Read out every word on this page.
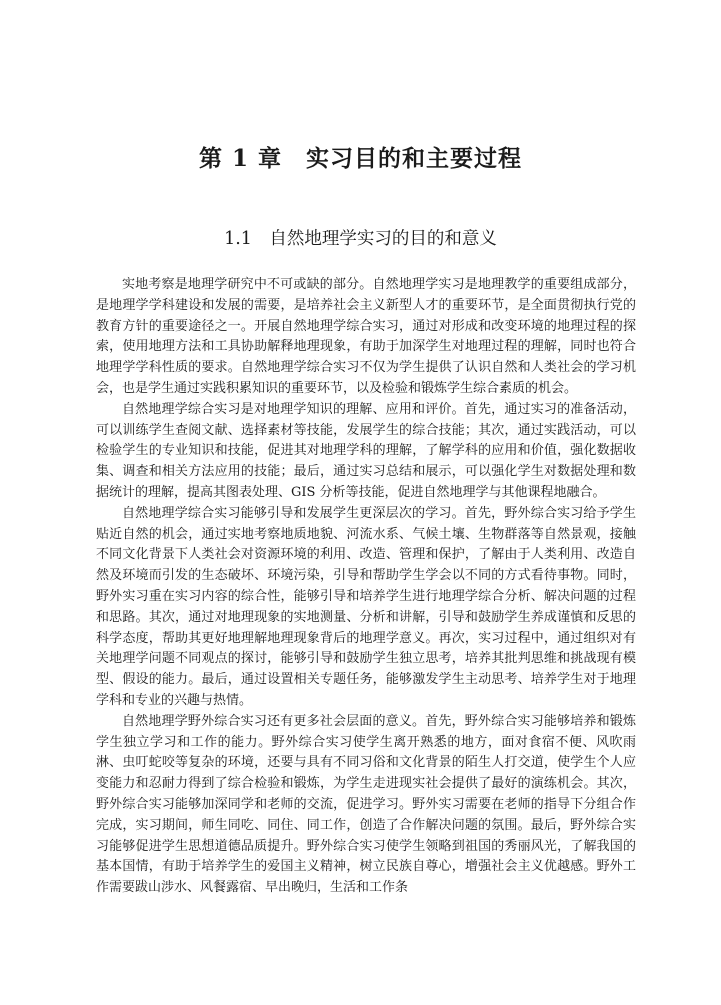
第 1 章　实习目的和主要过程
1.1　自然地理学实习的目的和意义

实地考察是地理学研究中不可或缺的部分。自然地理学实习是地理教学的重要组成部分，是地理学学科建设和发展的需要，是培养社会主义新型人才的重要环节，是全面贯彻执行党的教育方针的重要途径之一。开展自然地理学综合实习，通过对形成和改变环境的地理过程的探索，使用地理方法和工具协助解释地理现象，有助于加深学生对地理过程的理解，同时也符合地理学学科性质的要求。自然地理学综合实习不仅为学生提供了认识自然和人类社会的学习机会，也是学生通过实践积累知识的重要环节，以及检验和锻炼学生综合素质的机会。

自然地理学综合实习是对地理学知识的理解、应用和评价。首先，通过实习的准备活动，可以训练学生查阅文献、选择素材等技能，发展学生的综合技能；其次，通过实践活动，可以检验学生的专业知识和技能，促进其对地理学科的理解，了解学科的应用和价值，强化数据收集、调查和相关方法应用的技能；最后，通过实习总结和展示，可以强化学生对数据处理和数据统计的理解，提高其图表处理、GIS 分析等技能，促进自然地理学与其他课程地融合。

自然地理学综合实习能够引导和发展学生更深层次的学习。首先，野外综合实习给予学生贴近自然的机会，通过实地考察地质地貌、河流水系、气候土壤、生物群落等自然景观，接触不同文化背景下人类社会对资源环境的利用、改造、管理和保护，了解由于人类利用、改造自然及环境而引发的生态破坏、环境污染，引导和帮助学生学会以不同的方式看待事物。同时，野外实习重在实习内容的综合性，能够引导和培养学生进行地理学综合分析、解决问题的过程和思路。其次，通过对地理现象的实地测量、分析和讲解，引导和鼓励学生养成谨慎和反思的科学态度，帮助其更好地理解地理现象背后的地理学意义。再次，实习过程中，通过组织对有关地理学问题不同观点的探讨，能够引导和鼓励学生独立思考，培养其批判思维和挑战现有模型、假设的能力。最后，通过设置相关专题任务，能够激发学生主动思考、培养学生对于地理学科和专业的兴趣与热情。

自然地理学野外综合实习还有更多社会层面的意义。首先，野外综合实习能够培养和锻炼学生独立学习和工作的能力。野外综合实习使学生离开熟悉的地方，面对食宿不便、风吹雨淋、虫叮蛇咬等复杂的环境，还要与具有不同习俗和文化背景的陌生人打交道，使学生个人应变能力和忍耐力得到了综合检验和锻炼，为学生走进现实社会提供了最好的演练机会。其次，野外综合实习能够加深同学和老师的交流，促进学习。野外实习需要在老师的指导下分组合作完成，实习期间，师生同吃、同住、同工作，创造了合作解决问题的氛围。最后，野外综合实习能够促进学生思想道德品质提升。野外综合实习使学生领略到祖国的秀丽风光，了解我国的基本国情，有助于培养学生的爱国主义精神，树立民族自尊心，增强社会主义优越感。野外工作需要跋山涉水、风餐露宿、早出晚归，生活和工作条
